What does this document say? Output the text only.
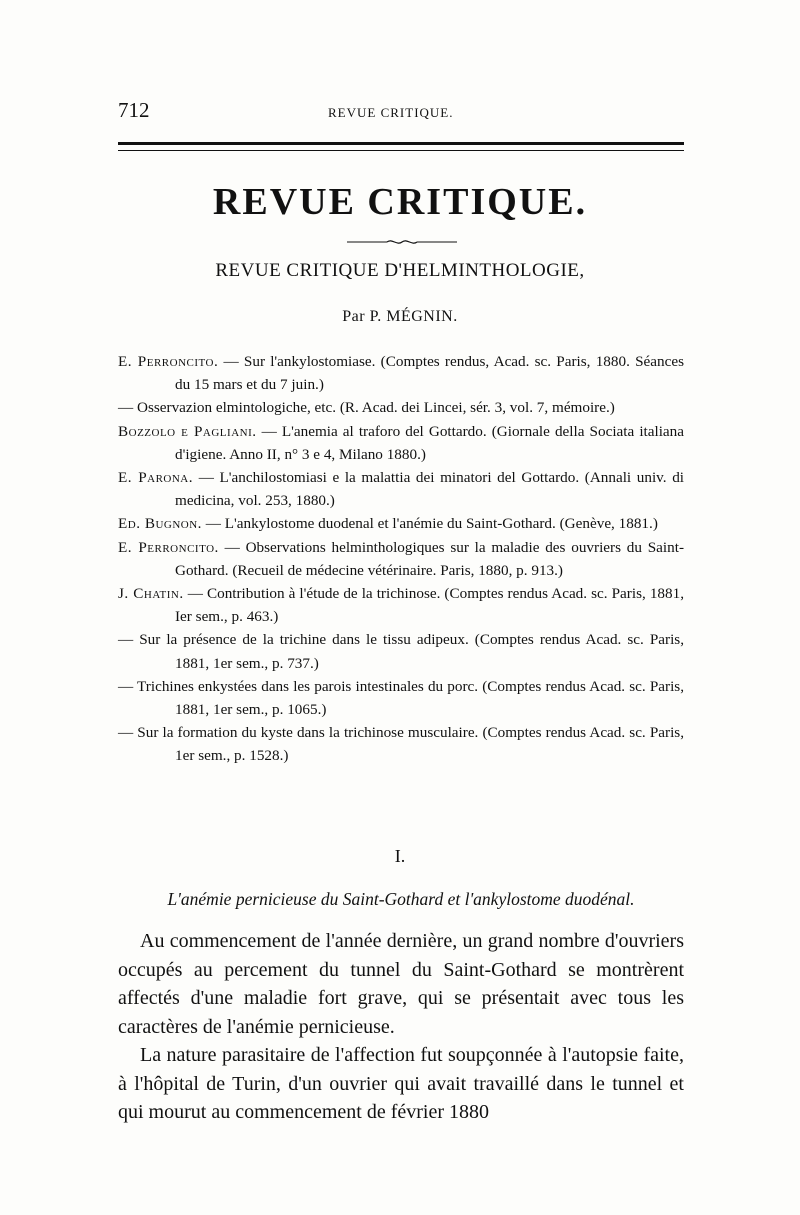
712	REVUE CRITIQUE.
REVUE CRITIQUE.
REVUE CRITIQUE D'HELMINTHOLOGIE,
Par P. MÉGNIN.
E. Perroncito. — Sur l'ankylostomiase. (Comptes rendus, Acad. sc. Paris, 1880. Séances du 15 mars et du 7 juin.)
— Osservazion elmintologiche, etc. (R. Acad. dei Lincei, sér. 3, vol. 7, mémoire.)
Bozzolo e Pagliani. — L'anemia al traforo del Gottardo. (Giornale della Sociata italiana d'igiene. Anno II, n° 3 e 4, Milano 1880.)
E. Parona. — L'anchilostomiasi e la malattia dei minatori del Gottardo. (Annali univ. di medicina, vol. 253, 1880.)
Ed. Bugnon. — L'ankylostome duodenal et l'anémie du Saint-Gothard. (Genève, 1881.)
E. Perroncito. — Observations helminthologiques sur la maladie des ouvriers du Saint-Gothard. (Recueil de médecine vétérinaire. Paris, 1880, p. 913.)
J. Chatin. — Contribution à l'étude de la trichinose. (Comptes rendus Acad. sc. Paris, 1881, Ier sem., p. 463.)
— Sur la présence de la trichine dans le tissu adipeux. (Comptes rendus Acad. sc. Paris, 1881, 1er sem., p. 737.)
— Trichines enkystées dans les parois intestinales du porc. (Comptes rendus Acad. sc. Paris, 1881, 1er sem., p. 1065.)
— Sur la formation du kyste dans la trichinose musculaire. (Comptes rendus Acad. sc. Paris, 1er sem., p. 1528.)
I.
L'anémie pernicieuse du Saint-Gothard et l'ankylostome duodénal.

Au commencement de l'année dernière, un grand nombre d'ouvriers occupés au percement du tunnel du Saint-Gothard se montrèrent affectés d'une maladie fort grave, qui se présentait avec tous les caractères de l'anémie pernicieuse.

La nature parasitaire de l'affection fut soupçonnée à l'autopsie faite, à l'hôpital de Turin, d'un ouvrier qui avait travaillé dans le tunnel et qui mourut au commencement de février 1880
